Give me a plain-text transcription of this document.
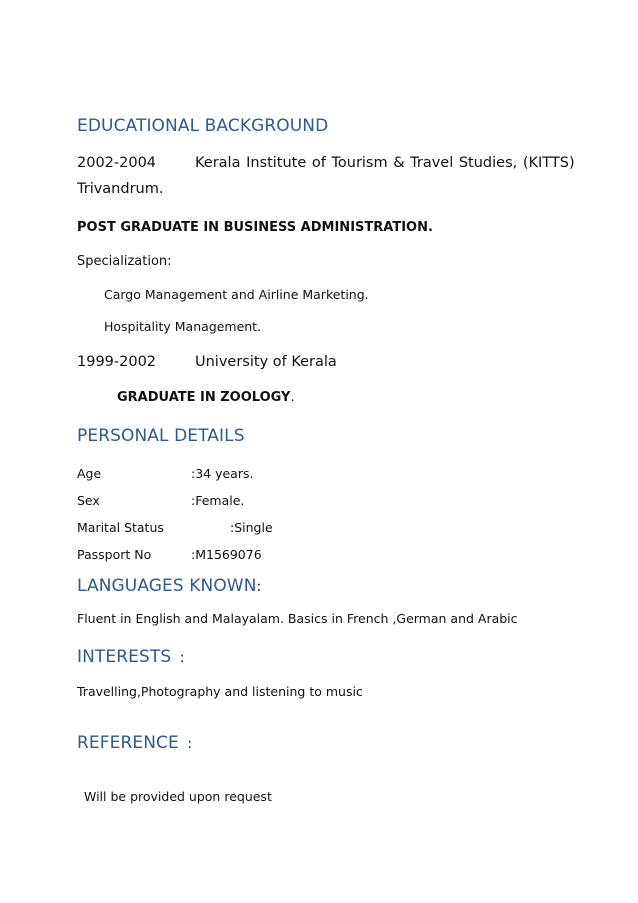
EDUCATIONAL BACKGROUND
2002-2004	Kerala Institute of Tourism & Travel Studies, (KITTS)
Trivandrum.
POST GRADUATE IN BUSINESS ADMINISTRATION.
Specialization:
Cargo Management and Airline Marketing.
Hospitality Management.
1999-2002	University of Kerala
GRADUATE IN ZOOLOGY.
PERSONAL DETAILS
Age	:34 years.
Sex	:Female.
Marital Status	:Single
Passport No	:M1569076
LANGUAGES KNOWN:
Fluent in English and Malayalam. Basics in French ,German and Arabic
INTERESTS :
Travelling,Photography and listening to music
REFERENCE :
Will be provided upon request
